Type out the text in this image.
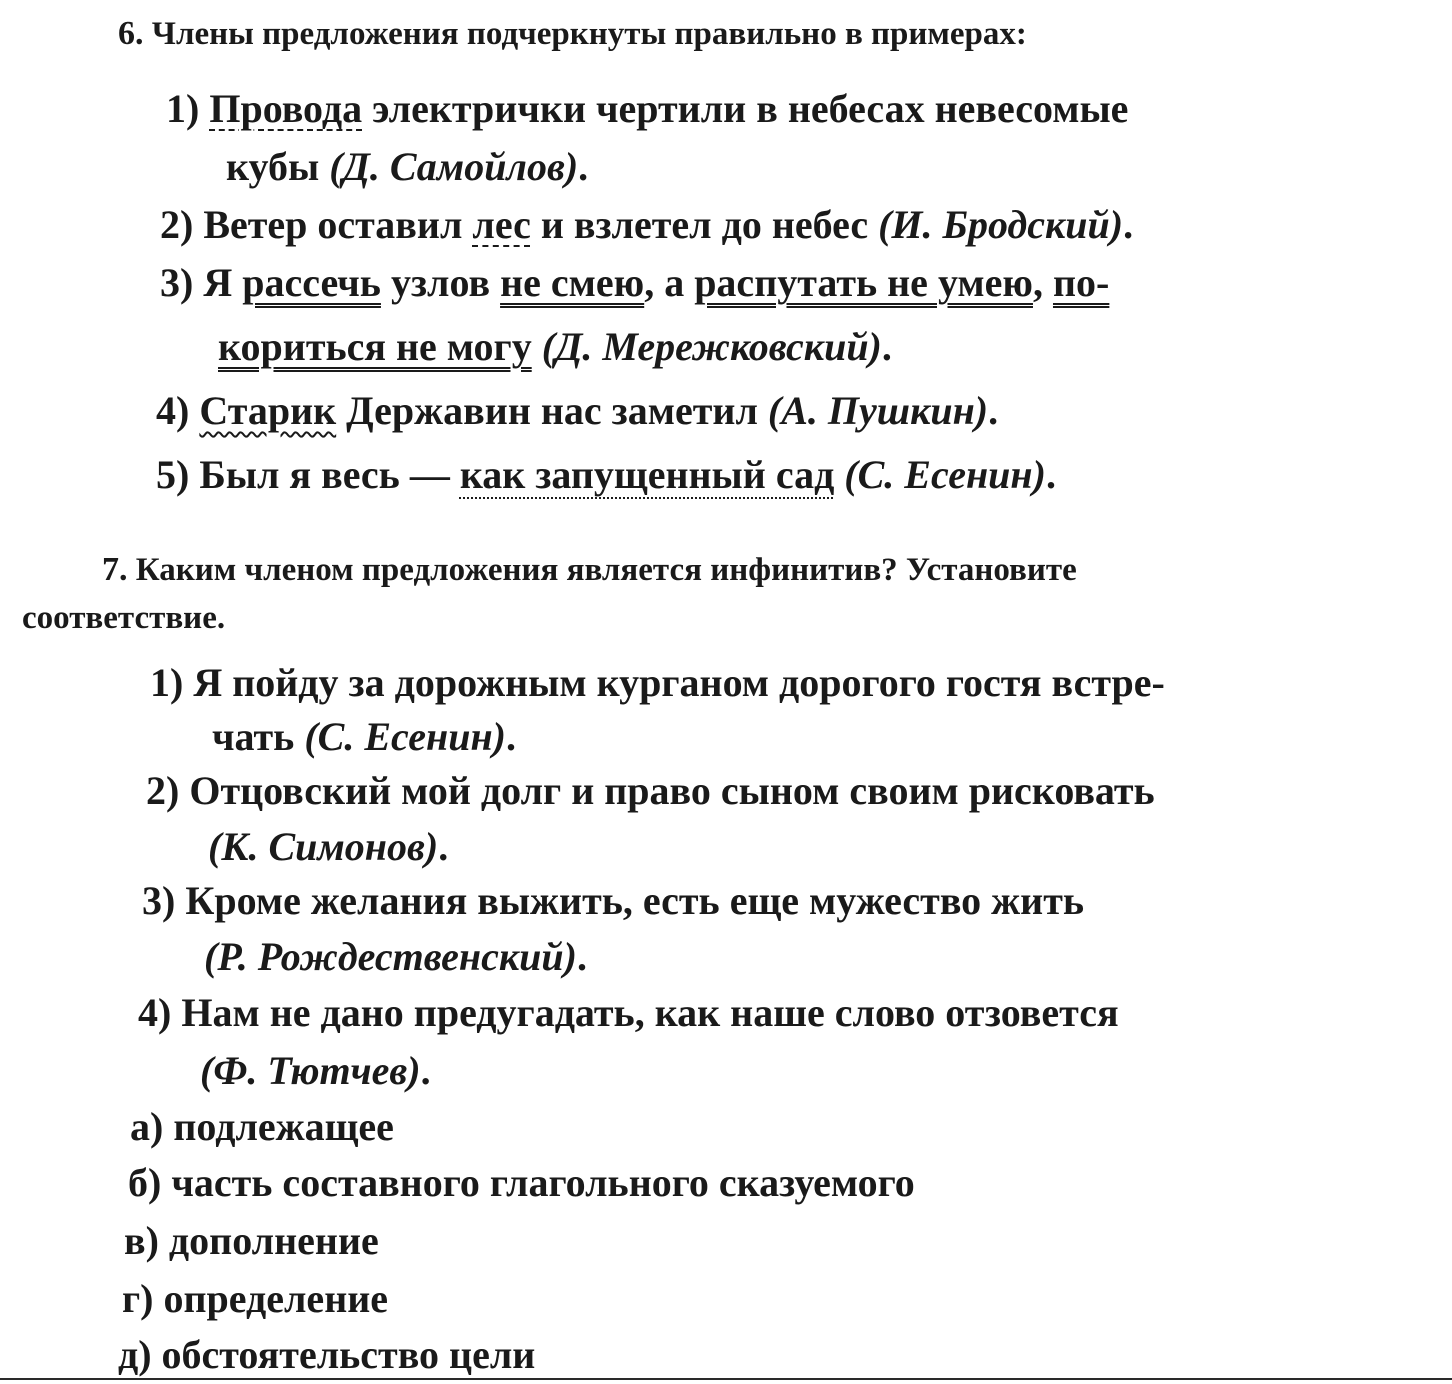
6. Члены предложения подчеркнуты правильно в примерах:
1) Провода электрички чертили в небесах невесомые
кубы (Д. Самойлов).
2) Ветер оставил лес и взлетел до небес (И. Бродский).
3) Я рассечь узлов не смею, а распутать не умею, по-
кориться не могу (Д. Мережковский).
4) Старик Державин нас заметил (А. Пушкин).
5) Был я весь — как запущенный сад (С. Есенин).
7. Каким членом предложения является инфинитив? Установите
соответствие.
1) Я пойду за дорожным курганом дорогого гостя встре-
чать (С. Есенин).
2) Отцовский мой долг и право сыном своим рисковать
(К. Симонов).
3) Кроме желания выжить, есть еще мужество жить
(Р. Рождественский).
4) Нам не дано предугадать, как наше слово отзовется
(Ф. Тютчев).
а) подлежащее
б) часть составного глагольного сказуемого
в) дополнение
г) определение
д) обстоятельство цели
